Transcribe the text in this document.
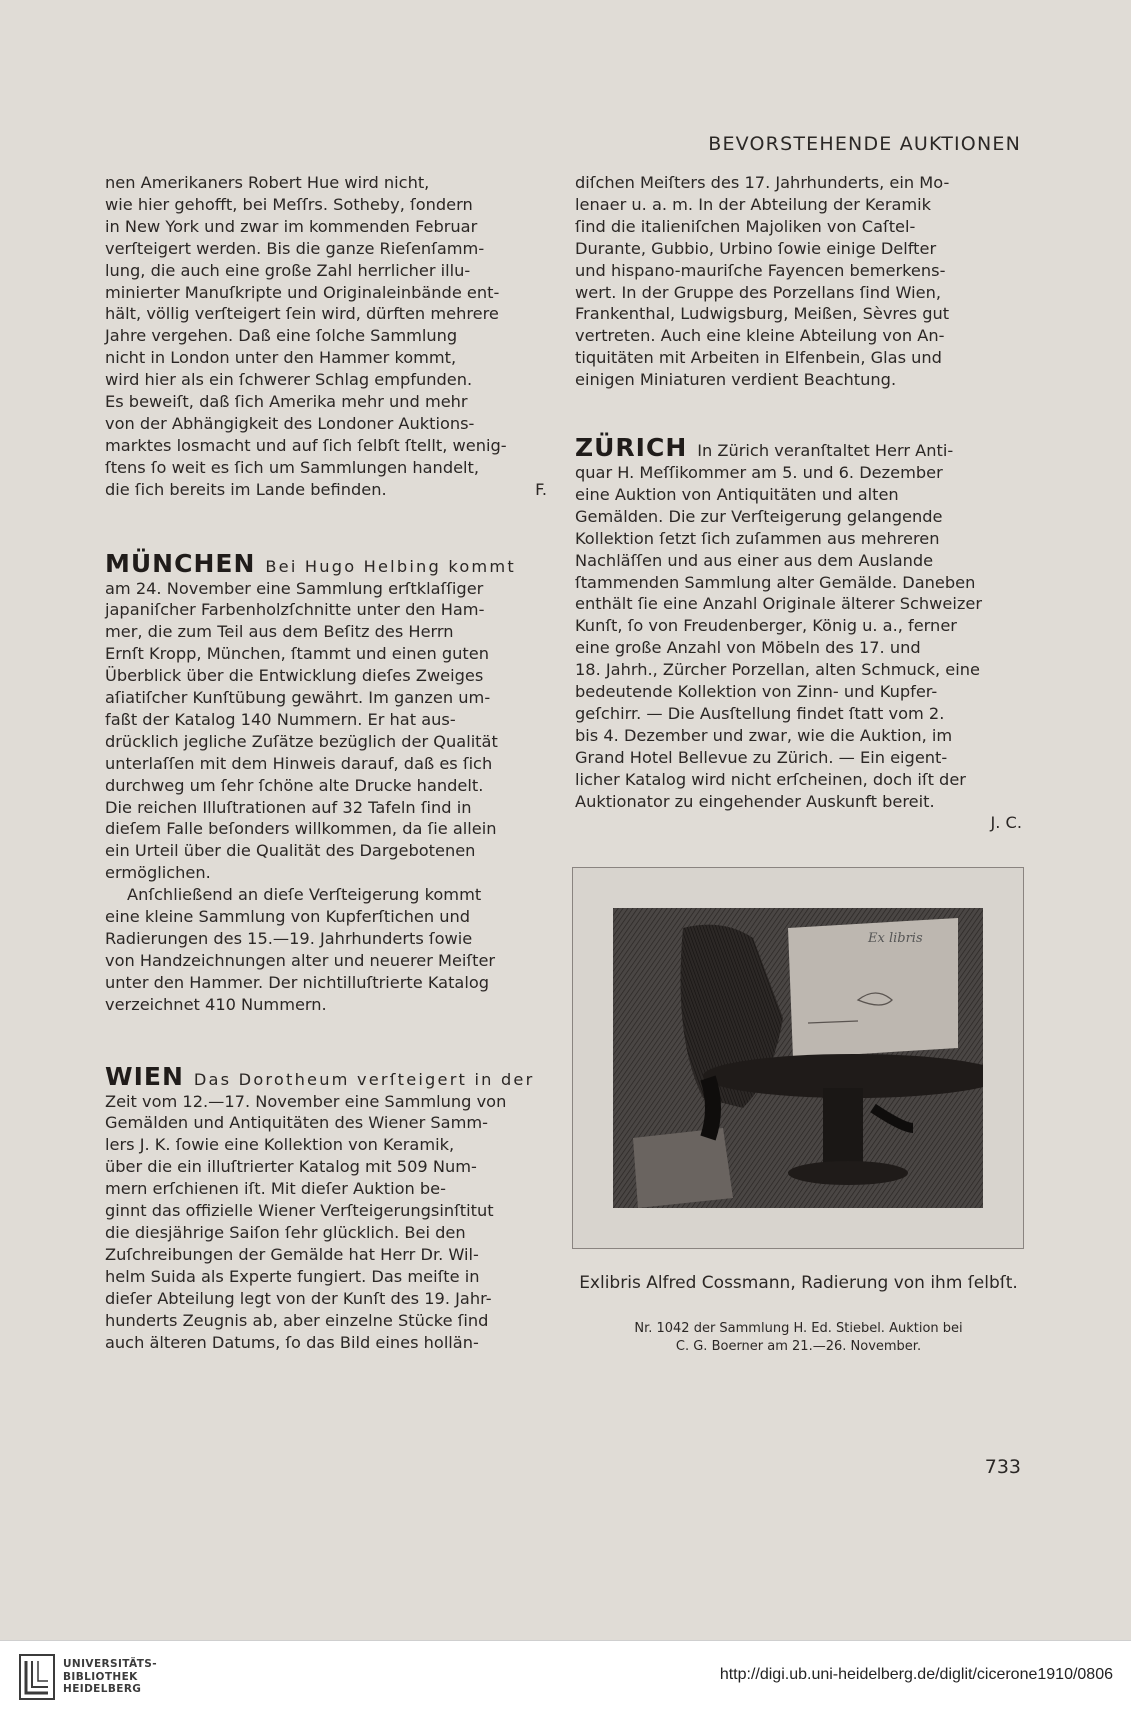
BEVORSTEHENDE AUKTIONEN

nen Amerikaners Robert Hue wird nicht,

wie hier gehofft, bei Meſſrs. Sotheby, ſondern

in New York und zwar im kommenden Februar

verſteigert werden. Bis die ganze Rieſenſamm-

lung, die auch eine große Zahl herrlicher illu-

minierter Manuſkripte und Originaleinbände ent-

hält, völlig verſteigert ſein wird, dürften mehrere

Jahre vergehen. Daß eine ſolche Sammlung

nicht in London unter den Hammer kommt,

wird hier als ein ſchwerer Schlag empfunden.

Es beweiſt, daß ſich Amerika mehr und mehr

von der Abhängigkeit des Londoner Auktions-

marktes losmacht und auf ſich ſelbſt ſtellt, wenig-

ſtens ſo weit es ſich um Sammlungen handelt,

die ſich bereits im Lande befinden.	F.

MÜNCHEN Bei Hugo Helbing kommt

am 24. November eine Sammlung erſtklaſſiger

japaniſcher Farbenholzſchnitte unter den Ham-

mer, die zum Teil aus dem Beſitz des Herrn

Ernſt Kropp, München, ſtammt und einen guten

Überblick über die Entwicklung dieſes Zweiges

aſiatiſcher Kunſtübung gewährt. Im ganzen um-

faßt der Katalog 140 Nummern. Er hat aus-

drücklich jegliche Zuſätze bezüglich der Qualität

unterlaſſen mit dem Hinweis darauf, daß es ſich

durchweg um ſehr ſchöne alte Drucke handelt.

Die reichen Illuſtrationen auf 32 Tafeln ſind in

dieſem Falle beſonders willkommen, da ſie allein

ein Urteil über die Qualität des Dargebotenen

ermöglichen.

Anſchließend an dieſe Verſteigerung kommt

eine kleine Sammlung von Kupferſtichen und

Radierungen des 15.—19. Jahrhunderts ſowie

von Handzeichnungen alter und neuerer Meiſter

unter den Hammer. Der nichtilluſtrierte Katalog

verzeichnet 410 Nummern.

WIEN Das Dorotheum verſteigert in der

Zeit vom 12.—17. November eine Sammlung von

Gemälden und Antiquitäten des Wiener Samm-

lers J. K. ſowie eine Kollektion von Keramik,

über die ein illuſtrierter Katalog mit 509 Num-

mern erſchienen iſt. Mit dieſer Auktion be-

ginnt das offizielle Wiener Verſteigerungsinſtitut

die diesjährige Saiſon ſehr glücklich. Bei den

Zuſchreibungen der Gemälde hat Herr Dr. Wil-

helm Suida als Experte fungiert. Das meiſte in

dieſer Abteilung legt von der Kunſt des 19. Jahr-

hunderts Zeugnis ab, aber einzelne Stücke ſind

auch älteren Datums, ſo das Bild eines hollän-

diſchen Meiſters des 17. Jahrhunderts, ein Mo-

lenaer u. a. m. In der Abteilung der Keramik

ſind die italieniſchen Majoliken von Caſtel-

Durante, Gubbio, Urbino ſowie einige Delfter

und hispano-mauriſche Fayencen bemerkens-

wert. In der Gruppe des Porzellans ſind Wien,

Frankenthal, Ludwigsburg, Meißen, Sèvres gut

vertreten. Auch eine kleine Abteilung von An-

tiquitäten mit Arbeiten in Elfenbein, Glas und

einigen Miniaturen verdient Beachtung.

ZÜRICH In Zürich veranſtaltet Herr Anti-

quar H. Meſſikommer am 5. und 6. Dezember

eine Auktion von Antiquitäten und alten

Gemälden. Die zur Verſteigerung gelangende

Kollektion ſetzt ſich zuſammen aus mehreren

Nachläſſen und aus einer aus dem Auslande

ſtammenden Sammlung alter Gemälde. Daneben

enthält ſie eine Anzahl Originale älterer Schweizer

Kunſt, ſo von Freudenberger, König u. a., ferner

eine große Anzahl von Möbeln des 17. und

18. Jahrh., Zürcher Porzellan, alten Schmuck, eine

bedeutende Kollektion von Zinn- und Kupfer-

geſchirr. — Die Ausſtellung findet ſtatt vom 2.

bis 4. Dezember und zwar, wie die Auktion, im

Grand Hotel Bellevue zu Zürich. — Ein eigent-

licher Katalog wird nicht erſcheinen, doch iſt der

Auktionator zu eingehender Auskunft bereit.

J. C.

Ex libris
Exlibris Alfred Cossmann, Radierung von ihm ſelbſt.
Nr. 1042 der Sammlung H. Ed. Stiebel. Auktion bei
C. G. Boerner am 21.—26. November.
733
UNIVERSITÄTS-
BIBLIOTHEK
HEIDELBERG
http://digi.ub.uni-heidelberg.de/diglit/cicerone1910/0806
